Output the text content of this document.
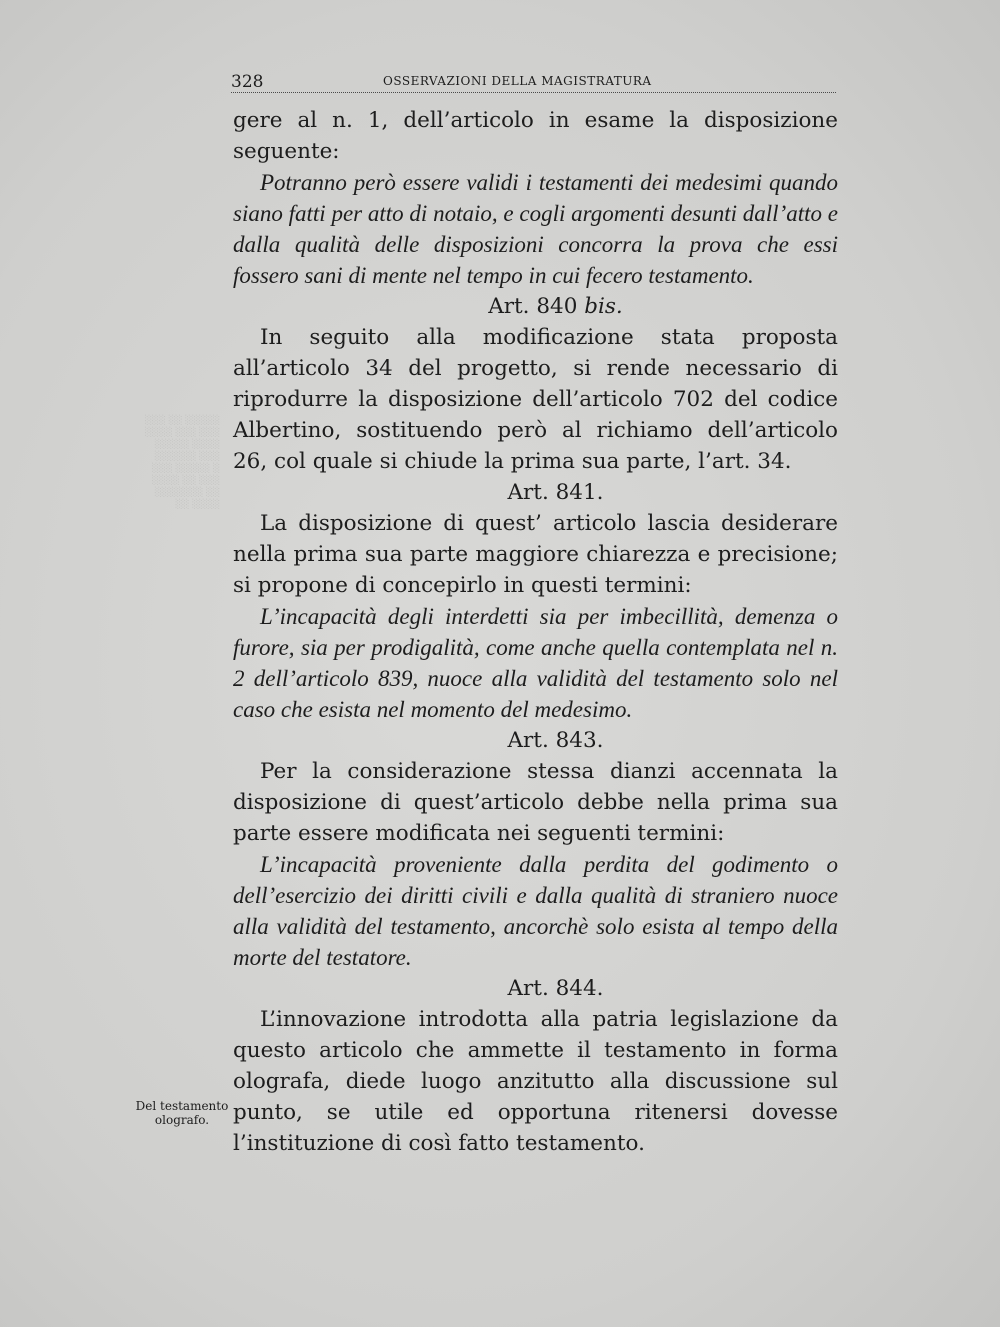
328	OSSERVAZIONI DELLA MAGISTRATURA
░░░ ░░ ░░░░░
░░░░ ░░░ ░░░
░░░░░ ░░░░
░░░░░░ ░░░
░░░ ░░░░░ ░
░░░░ ░░ ░░░
░░░░░░░ ░░
░░ ░░░░

gere al n. 1, dell’articolo in esame la disposizione seguente:

Potranno però essere validi i testamenti dei medesimi quando siano fatti per atto di notaio, e cogli argomenti desunti dall’atto e dalla qualità delle disposizioni concorra la prova che essi fossero sani di mente nel tempo in cui fecero testamento.

Art. 840 bis.

In seguito alla modificazione stata proposta all’articolo 34 del progetto, si rende necessario di riprodurre la disposizione dell’articolo 702 del codice Albertino, sostituendo però al richiamo dell’articolo 26, col quale si chiude la prima sua parte, l’art. 34.

Art. 841.

La disposizione di quest’ articolo lascia desiderare nella prima sua parte maggiore chiarezza e precisione; si propone di concepirlo in questi termini:

L’incapacità degli interdetti sia per imbecillità, demenza o furore, sia per prodigalità, come anche quella contemplata nel n. 2 dell’articolo 839, nuoce alla validità del testamento solo nel caso che esista nel momento del medesimo.

Art. 843.

Per la considerazione stessa dianzi accennata la disposizione di quest’articolo debbe nella prima sua parte essere modificata nei seguenti termini:

L’incapacità proveniente dalla perdita del godimento o dell’esercizio dei diritti civili e dalla qualità di straniero nuoce alla validità del testamento, ancorchè solo esista al tempo della morte del testatore.

Art. 844.

L’innovazione introdotta alla patria legislazione da questo articolo che ammette il testamento in forma olografa, diede luogo anzitutto alla discussione sul punto, se utile ed opportuna ritenersi dovesse l’instituzione di così fatto testamento.

Del testamento olografo.
